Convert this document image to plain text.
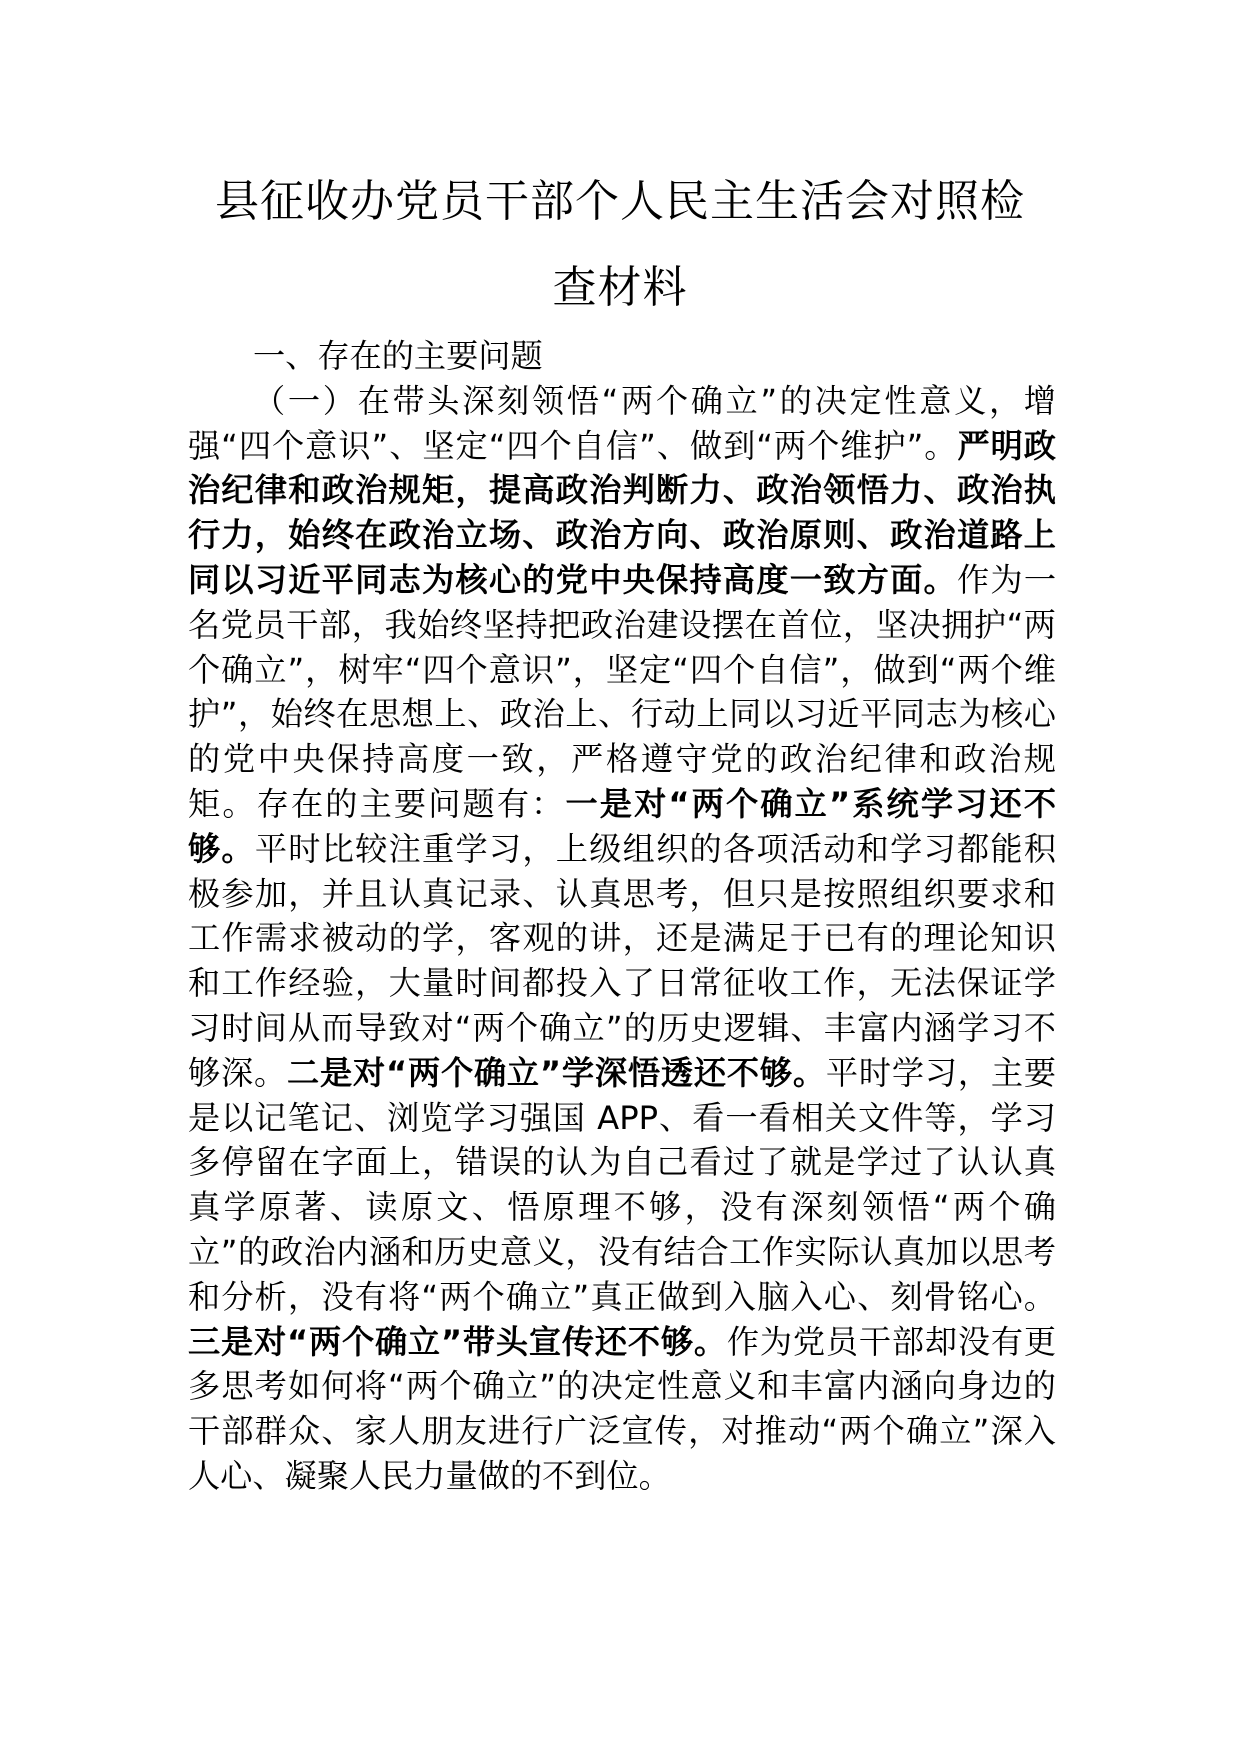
县征收办党员干部个人民主生活会对照检
查材料

一、存在的主要问题

（一）在带头深刻领悟“两个确立”的决定性意义，增强“四个意识”、坚定“四个自信”、做到“两个维护”。严明政治纪律和政治规矩，提高政治判断力、政治领悟力、政治执行力，始终在政治立场、政治方向、政治原则、政治道路上同以习近平同志为核心的党中央保持高度一致方面。作为一名党员干部，我始终坚持把政治建设摆在首位，坚决拥护“两个确立”，树牢“四个意识”，坚定“四个自信”，做到“两个维护”，始终在思想上、政治上、行动上同以习近平同志为核心的党中央保持高度一致，严格遵守党的政治纪律和政治规矩。存在的主要问题有：一是对“两个确立”系统学习还不够。平时比较注重学习，上级组织的各项活动和学习都能积极参加，并且认真记录、认真思考，但只是按照组织要求和工作需求被动的学，客观的讲，还是满足于已有的理论知识和工作经验，大量时间都投入了日常征收工作，无法保证学习时间从而导致对“两个确立”的历史逻辑、丰富内涵学习不够深。二是对“两个确立”学深悟透还不够。平时学习，主要是以记笔记、浏览学习强国 APP、看一看相关文件等，学习多停留在字面上，错误的认为自己看过了就是学过了认认真真学原著、读原文、悟原理不够，没有深刻领悟“两个确立”的政治内涵和历史意义，没有结合工作实际认真加以思考和分析，没有将“两个确立”真正做到入脑入心、刻骨铭心。三是对“两个确立”带头宣传还不够。作为党员干部却没有更多思考如何将“两个确立”的决定性意义和丰富内涵向身边的干部群众、家人朋友进行广泛宣传，对推动“两个确立”深入人心、凝聚人民力量做的不到位。
